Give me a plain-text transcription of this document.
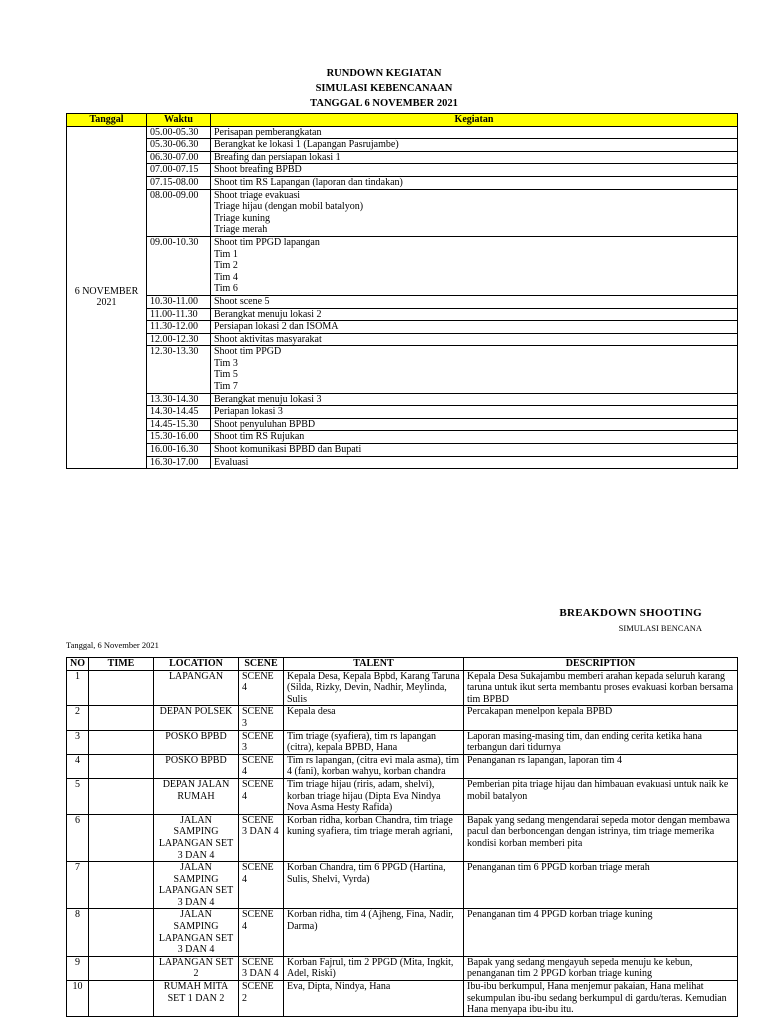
RUNDOWN KEGIATAN
SIMULASI KEBENCANAAN
TANGGAL 6 NOVEMBER 2021
Tanggal	Waktu	Kegiatan
6 NOVEMBER 2021	05.00-05.30	Perisapan pemberangkatan

	05.30-06.30	Berangkat ke lokasi 1 (Lapangan Pasrujambe)

	06.30-07.00	Breafing dan persiapan lokasi 1

	07.00-07.15	Shoot breafing BPBD

	07.15-08.00	Shoot tim RS Lapangan (laporan dan tindakan)

	08.00-09.00	Shoot triage evakuasi
Triage hijau (dengan mobil batalyon)
Triage kuning
Triage merah

	09.00-10.30	Shoot tim PPGD lapangan
Tim 1
Tim 2
Tim 4
Tim 6

	10.30-11.00	Shoot scene 5

	11.00-11.30	Berangkat menuju lokasi 2

	11.30-12.00	Persiapan lokasi 2 dan ISOMA

	12.00-12.30	Shoot aktivitas masyarakat

	12.30-13.30	Shoot tim PPGD
Tim 3
Tim 5
Tim 7

	13.30-14.30	Berangkat menuju lokasi 3

	14.30-14.45	Periapan lokasi 3

	14.45-15.30	Shoot penyuluhan BPBD

	15.30-16.00	Shoot tim RS Rujukan

	16.00-16.30	Shoot komunikasi BPBD dan Bupati

	16.30-17.00	Evaluasi
BREAKDOWN SHOOTING
SIMULASI BENCANA
Tanggal, 6 November 2021
NO	TIME	LOCATION	SCENE	TALENT	DESCRIPTION
1		LAPANGAN	SCENE 4	Kepala Desa, Kepala Bpbd, Karang Taruna (Silda, Rizky, Devin, Nadhir, Meylinda, Sulis	Kepala Desa Sukajambu memberi arahan kepada seluruh karang taruna untuk ikut serta membantu proses evakuasi korban bersama tim BPBD
2		DEPAN POLSEK	SCENE 3	Kepala desa	Percakapan menelpon kepala BPBD
3		POSKO BPBD	SCENE 3	Tim triage (syafiera), tim rs lapangan (citra), kepala BPBD, Hana	Laporan masing-masing tim, dan ending cerita ketika hana terbangun dari tidurnya
4		POSKO BPBD	SCENE 4	Tim rs lapangan, (citra evi mala asma), tim 4 (fani), korban wahyu, korban chandra	Penanganan rs lapangan, laporan tim 4
5		DEPAN JALAN RUMAH	SCENE 4	Tim triage hijau (riris, adam, shelvi), korban triage hijau (Dipta Eva Nindya Nova Asma Hesty Rafida)	Pemberian pita triage hijau dan himbauan evakuasi untuk naik ke mobil batalyon
6		JALAN SAMPING LAPANGAN SET 3 DAN 4	SCENE 3 DAN 4	Korban ridha, korban Chandra, tim triage kuning syafiera, tim triage merah agriani,	Bapak yang sedang mengendarai sepeda motor dengan membawa pacul dan berboncengan dengan istrinya, tim triage memerika kondisi korban memberi pita
7		JALAN SAMPING LAPANGAN SET 3 DAN 4	SCENE 4	Korban Chandra, tim 6 PPGD (Hartina, Sulis, Shelvi, Vyrda)	Penanganan tim 6 PPGD korban triage merah
8		JALAN SAMPING LAPANGAN SET 3 DAN 4	SCENE 4	Korban ridha, tim 4 (Ajheng, Fina, Nadir, Darma)	Penanganan tim 4 PPGD korban triage kuning
9		LAPANGAN SET 2	SCENE 3 DAN 4	Korban Fajrul, tim 2 PPGD (Mita, Ingkit, Adel, Riski)	Bapak yang sedang mengayuh sepeda menuju ke kebun, penanganan tim 2 PPGD korban triage kuning
10		RUMAH MITA SET 1 DAN 2	SCENE 2	Eva, Dipta, Nindya, Hana	Ibu-ibu berkumpul, Hana menjemur pakaian, Hana melihat sekumpulan ibu-ibu sedang berkumpul di gardu/teras. Kemudian Hana menyapa ibu-ibu itu.
